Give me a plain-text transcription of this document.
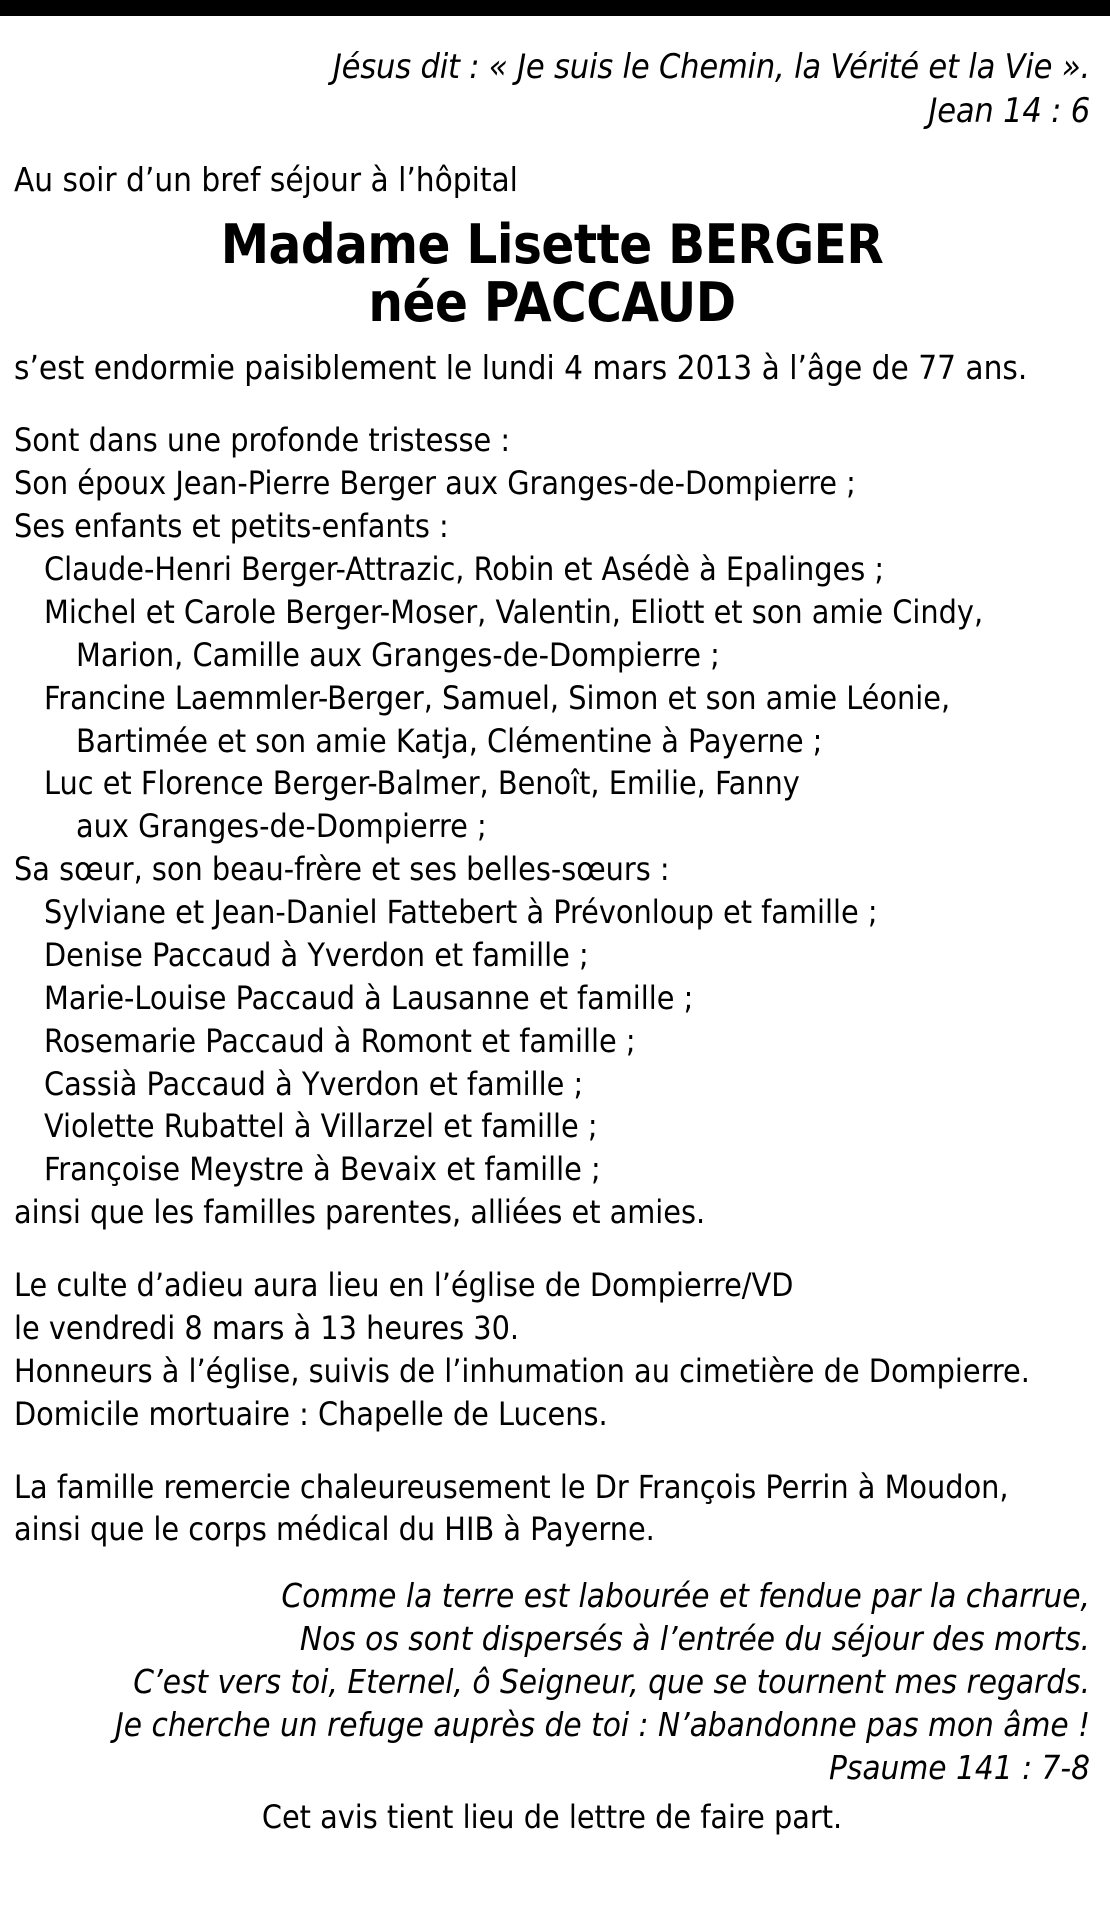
Jésus dit : « Je suis le Chemin, la Vérité et la Vie ».
Jean 14 : 6
Au soir d’un bref séjour à l’hôpital
Madame Lisette BERGER
née PACCAUD
s’est endormie paisiblement le lundi 4 mars 2013 à l’âge de 77 ans.

Sont dans une profonde tristesse :

Son époux Jean-Pierre Berger aux Granges-de-Dompierre ;

Ses enfants et petits-enfants :

Claude-Henri Berger-Attrazic, Robin et Asédè à Epalinges ;

Michel et Carole Berger-Moser, Valentin, Eliott et son amie Cindy,

Marion, Camille aux Granges-de-Dompierre ;

Francine Laemmler-Berger, Samuel, Simon et son amie Léonie,

Bartimée et son amie Katja, Clémentine à Payerne ;

Luc et Florence Berger-Balmer, Benoît, Emilie, Fanny

aux Granges-de-Dompierre ;

Sa sœur, son beau-frère et ses belles-sœurs :

Sylviane et Jean-Daniel Fattebert à Prévonloup et famille ;

Denise Paccaud à Yverdon et famille ;

Marie-Louise Paccaud à Lausanne et famille ;

Rosemarie Paccaud à Romont et famille ;

Cassià Paccaud à Yverdon et famille ;

Violette Rubattel à Villarzel et famille ;

Françoise Meystre à Bevaix et famille ;

ainsi que les familles parentes, alliées et amies.

Le culte d’adieu aura lieu en l’église de Dompierre/VD

le vendredi 8 mars à 13 heures 30.

Honneurs à l’église, suivis de l’inhumation au cimetière de Dompierre.

Domicile mortuaire : Chapelle de Lucens.

La famille remercie chaleureusement le Dr François Perrin à Moudon,

ainsi que le corps médical du HIB à Payerne.

Comme la terre est labourée et fendue par la charrue,
Nos os sont dispersés à l’entrée du séjour des morts.
C’est vers toi, Eternel, ô Seigneur, que se tournent mes regards.
Je cherche un refuge auprès de toi : N’abandonne pas mon âme !
Psaume 141 : 7-8
Cet avis tient lieu de lettre de faire part.
